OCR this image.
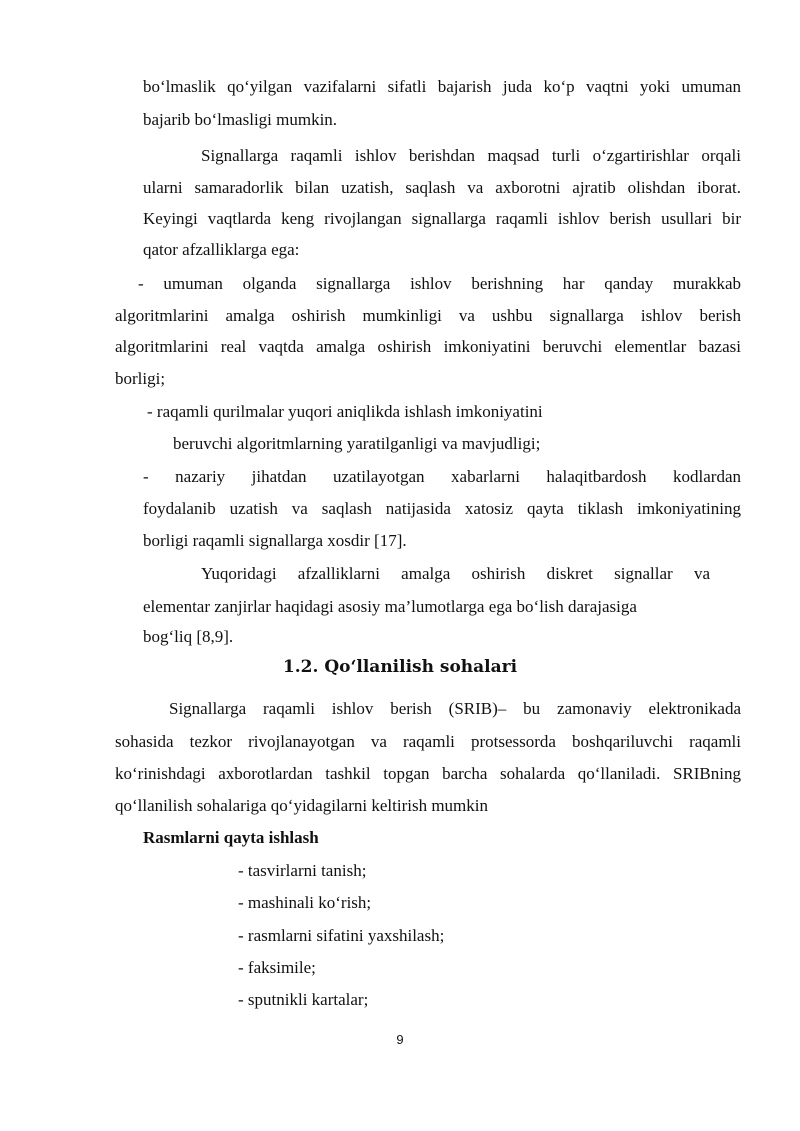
bo‘lmaslik qo‘yilgan vazifalarni sifatli bajarish juda ko‘p vaqtni yoki umuman
bajarib bo‘lmasligi mumkin.
Signallarga raqamli ishlov berishdan maqsad turli o‘zgartirishlar orqali
ularni samaradorlik bilan uzatish, saqlash va axborotni ajratib olishdan iborat.
Keyingi vaqtlarda keng rivojlangan signallarga raqamli ishlov berish usullari bir
qator afzalliklarga ega:
- umuman olganda signallarga ishlov berishning har qanday murakkab
algoritmlarini amalga oshirish mumkinligi va ushbu signallarga ishlov berish
algoritmlarini real vaqtda amalga oshirish imkoniyatini beruvchi elementlar bazasi
borligi;
- raqamli qurilmalar yuqori aniqlikda ishlash imkoniyatini
beruvchi algoritmlarning yaratilganligi va mavjudligi;
- nazariy jihatdan uzatilayotgan xabarlarni halaqitbardosh kodlardan
foydalanib uzatish va saqlash natijasida xatosiz qayta tiklash imkoniyatining
borligi raqamli signallarga xosdir [17].
Yuqoridagi afzalliklarni amalga oshirish diskret signallar va
elementar zanjirlar haqidagi asosiy ma’lumotlarga ega bo‘lish darajasiga
bog‘liq [8,9].
1.2. Qo‘llanilish sohalari
Signallarga raqamli ishlov berish (SRIB)– bu zamonaviy elektronikada
sohasida tezkor rivojlanayotgan va raqamli protsessorda boshqariluvchi raqamli
ko‘rinishdagi axborotlardan tashkil topgan barcha sohalarda qo‘llaniladi. SRIBning
qo‘llanilish sohalariga qo‘yidagilarni keltirish mumkin
Rasmlarni qayta ishlash
- tasvirlarni tanish;
- mashinali ko‘rish;
- rasmlarni sifatini yaxshilash;
- faksimile;
- sputnikli kartalar;
9
